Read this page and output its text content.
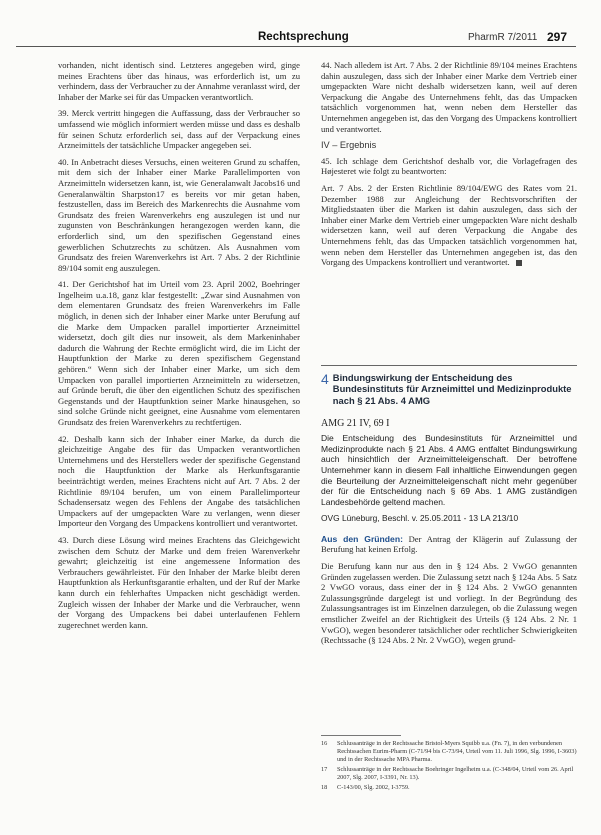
Rechtsprechung	PharmR 7/2011 297

vorhanden, nicht identisch sind. Letzteres angegeben wird, ginge meines Erachtens über das hinaus, was erforderlich ist, um zu verhindern, dass der Verbraucher zu der Annahme veranlasst wird, der Inhaber der Marke sei für das Umpacken verantwortlich.

39. Merck vertritt hingegen die Auffassung, dass der Verbraucher so umfassend wie möglich informiert werden müsse und dass es deshalb für seinen Schutz erforderlich sei, dass auf der Verpackung eines Arzneimittels der tatsächliche Umpacker angegeben sei.

40. In Anbetracht dieses Versuchs, einen weiteren Grund zu schaffen, mit dem sich der Inhaber einer Marke Parallelimporten von Arzneimitteln widersetzen kann, ist, wie Generalanwalt Jacobs16 und Generalanwältin Sharpston17 es bereits vor mir getan haben, festzustellen, dass im Bereich des Markenrechts die Ausnahme vom Grundsatz des freien Warenverkehrs eng auszulegen ist und nur zugunsten von Beschränkungen herangezogen werden kann, die erforderlich sind, um den spezifischen Gegenstand eines gewerblichen Schutzrechts zu schützen. Als Ausnahmen vom Grundsatz des freien Warenverkehrs ist Art. 7 Abs. 2 der Richtlinie 89/104 somit eng auszulegen.

41. Der Gerichtshof hat im Urteil vom 23. April 2002, Boehringer Ingelheim u.a.18, ganz klar festgestellt: „Zwar sind Ausnahmen von dem elementaren Grundsatz des freien Warenverkehrs im Falle möglich, in denen sich der Inhaber einer Marke unter Berufung auf die Marke dem Umpacken parallel importierter Arzneimittel widersetzt, doch gilt dies nur insoweit, als dem Markeninhaber dadurch die Wahrung der Rechte ermöglicht wird, die im Licht der Hauptfunktion der Marke zu deren spezifischem Gegenstand gehören.“ Wenn sich der Inhaber einer Marke, um sich dem Umpacken von parallel importierten Arzneimitteln zu widersetzen, auf Gründe beruft, die über den eigentlichen Schutz des spezifischen Gegenstands und der Hauptfunktion seiner Marke hinausgehen, so sind solche Gründe nicht geeignet, eine Ausnahme vom elementaren Grundsatz des freien Warenverkehrs zu rechtfertigen.

42. Deshalb kann sich der Inhaber einer Marke, da durch die gleichzeitige Angabe des für das Umpacken verantwortlichen Unternehmens und des Herstellers weder der spezifische Gegenstand noch die Hauptfunktion der Marke als Herkunftsgarantie beeinträchtigt werden, meines Erachtens nicht auf Art. 7 Abs. 2 der Richtlinie 89/104 berufen, um von einem Parallelimporteur Schadensersatz wegen des Fehlens der Angabe des tatsächlichen Umpackers auf der umgepackten Ware zu verlangen, wenn dieser Importeur den Vorgang des Umpackens kontrolliert und verantwortet.

43. Durch diese Lösung wird meines Erachtens das Gleichgewicht zwischen dem Schutz der Marke und dem freien Warenverkehr gewahrt; gleichzeitig ist eine angemessene Information des Verbrauchers gewährleistet. Für den Inhaber der Marke bleibt deren Hauptfunktion als Herkunftsgarantie erhalten, und der Ruf der Marke kann durch ein fehlerhaftes Umpacken nicht geschädigt werden. Zugleich wissen der Inhaber der Marke und die Verbraucher, wenn der Vorgang des Umpackens bei dabei unterlaufenen Fehlern zugerechnet werden kann.

44. Nach alledem ist Art. 7 Abs. 2 der Richtlinie 89/104 meines Erachtens dahin auszulegen, dass sich der Inhaber einer Marke dem Vertrieb einer umgepackten Ware nicht deshalb widersetzen kann, weil auf deren Verpackung die Angabe des Unternehmens fehlt, das das Umpacken tatsächlich vorgenommen hat, wenn neben dem Hersteller das Unternehmen angegeben ist, das den Vorgang des Umpackens kontrolliert und verantwortet.

IV – Ergebnis

45. Ich schlage dem Gerichtshof deshalb vor, die Vorlagefragen des Højesteret wie folgt zu beantworten:

Art. 7 Abs. 2 der Ersten Richtlinie 89/104/EWG des Rates vom 21. Dezember 1988 zur Angleichung der Rechtsvorschriften der Mitgliedstaaten über die Marken ist dahin auszulegen, dass sich der Inhaber einer Marke dem Vertrieb einer umgepackten Ware nicht deshalb widersetzen kann, weil auf deren Verpackung die Angabe des Unternehmens fehlt, das das Umpacken tatsächlich vorgenommen hat, wenn neben dem Hersteller das Unternehmen angegeben ist, das den Vorgang des Umpackens kontrolliert und verantwortet.

4 Bindungswirkung der Entscheidung des Bundesinstituts für Arzneimittel und Medizinprodukte nach § 21 Abs. 4 AMG
AMG 21 IV, 69 I
Die Entscheidung des Bundesinstituts für Arzneimittel und Medizinprodukte nach § 21 Abs. 4 AMG entfaltet Bindungswirkung auch hinsichtlich der Arzneimitteleigenschaft. Der betroffene Unternehmer kann in diesem Fall inhaltliche Einwendungen gegen die Beurteilung der Arzneimitteleigenschaft nicht mehr gegenüber der für die Entscheidung nach § 69 Abs. 1 AMG zuständigen Landesbehörde geltend machen.
OVG Lüneburg, Beschl. v. 25.05.2011 - 13 LA 213/10

Aus den Gründen: Der Antrag der Klägerin auf Zulassung der Berufung hat keinen Erfolg.

Die Berufung kann nur aus den in § 124 Abs. 2 VwGO genannten Gründen zugelassen werden. Die Zulassung setzt nach § 124a Abs. 5 Satz 2 VwGO voraus, dass einer der in § 124 Abs. 2 VwGO genannten Zulassungsgründe dargelegt ist und vorliegt. In der Begründung des Zulassungsantrages ist im Einzelnen darzulegen, ob die Zulassung wegen ernstlicher Zweifel an der Richtigkeit des Urteils (§ 124 Abs. 2 Nr. 1 VwGO), wegen besonderer tatsächlicher oder rechtlicher Schwierigkeiten (Rechtssache (§ 124 Abs. 2 Nr. 2 VwGO), wegen grund-

16	Schlussanträge in der Rechtssache Bristol-Myers Squibb u.a. (Fn. 7), in den verbundenen Rechtssachen Eurim-Pharm (C-71/94 bis C-73/94, Urteil vom 11. Juli 1996, Slg. 1996, I-3603) und in der Rechtssache MPA Pharma.
17	Schlussanträge in der Rechtssache Boehringer Ingelheim u.a. (C-348/04, Urteil vom 26. April 2007, Slg. 2007, I-3391, Nr. 13).
18	C-143/00, Slg. 2002, I-3759.
